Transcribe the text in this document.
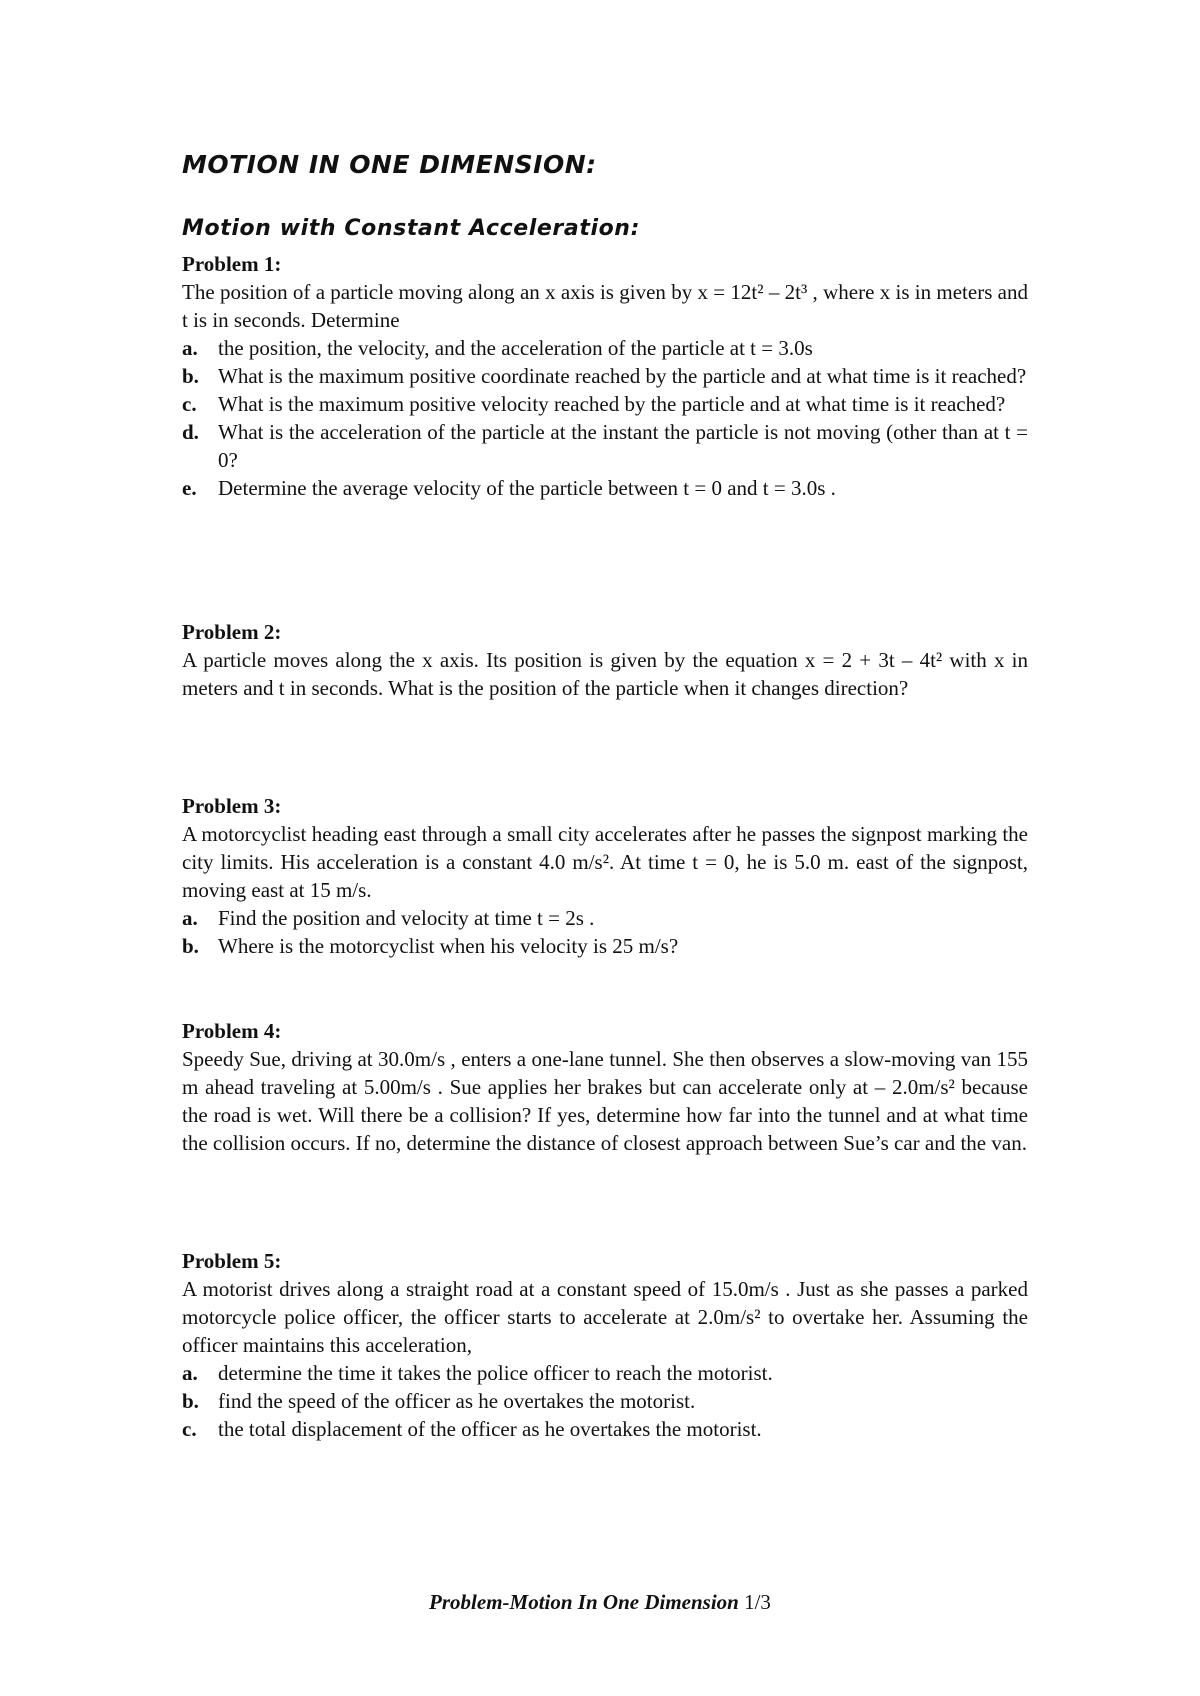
MOTION IN ONE DIMENSION:
Motion with Constant Acceleration:
Problem 1:
The position of a particle moving along an x axis is given by x = 12t² – 2t³ , where x is in meters and t is in seconds. Determine
a. the position, the velocity, and the acceleration of the particle at t = 3.0s
b. What is the maximum positive coordinate reached by the particle and at what time is it reached?
c.	What is the maximum positive velocity reached by the particle and at what time is it reached?
d. What is the acceleration of the particle at the instant the particle is not moving (other than at t = 0?
e.	Determine the average velocity of the particle between t = 0 and t = 3.0s .
Problem 2:
A particle moves along the x axis. Its position is given by the equation x = 2 + 3t – 4t² with x in meters and t in seconds. What is the position of the particle when it changes direction?
Problem 3:
A motorcyclist heading east through a small city accelerates after he passes the signpost marking the city limits. His acceleration is a constant 4.0 m/s². At time t = 0, he is 5.0 m. east of the signpost, moving east at 15 m/s.
a. Find the position and velocity at time t = 2s .
b. Where is the motorcyclist when his velocity is 25 m/s?
Problem 4:
Speedy Sue, driving at 30.0m/s , enters a one-lane tunnel. She then observes a slow-moving van 155 m ahead traveling at 5.00m/s . Sue applies her brakes but can accelerate only at – 2.0m/s² because the road is wet. Will there be a collision? If yes, determine how far into the tunnel and at what time the collision occurs. If no, determine the distance of closest approach between Sue’s car and the van.
Problem 5:
A motorist drives along a straight road at a constant speed of 15.0m/s . Just as she passes a parked motorcycle police officer, the officer starts to accelerate at 2.0m/s² to overtake her. Assuming the officer maintains this acceleration,
a. determine the time it takes the police officer to reach the motorist.
b. find the speed of the officer as he overtakes the motorist.
c.	the total displacement of the officer as he overtakes the motorist.
Problem-Motion In One Dimension 1/3
